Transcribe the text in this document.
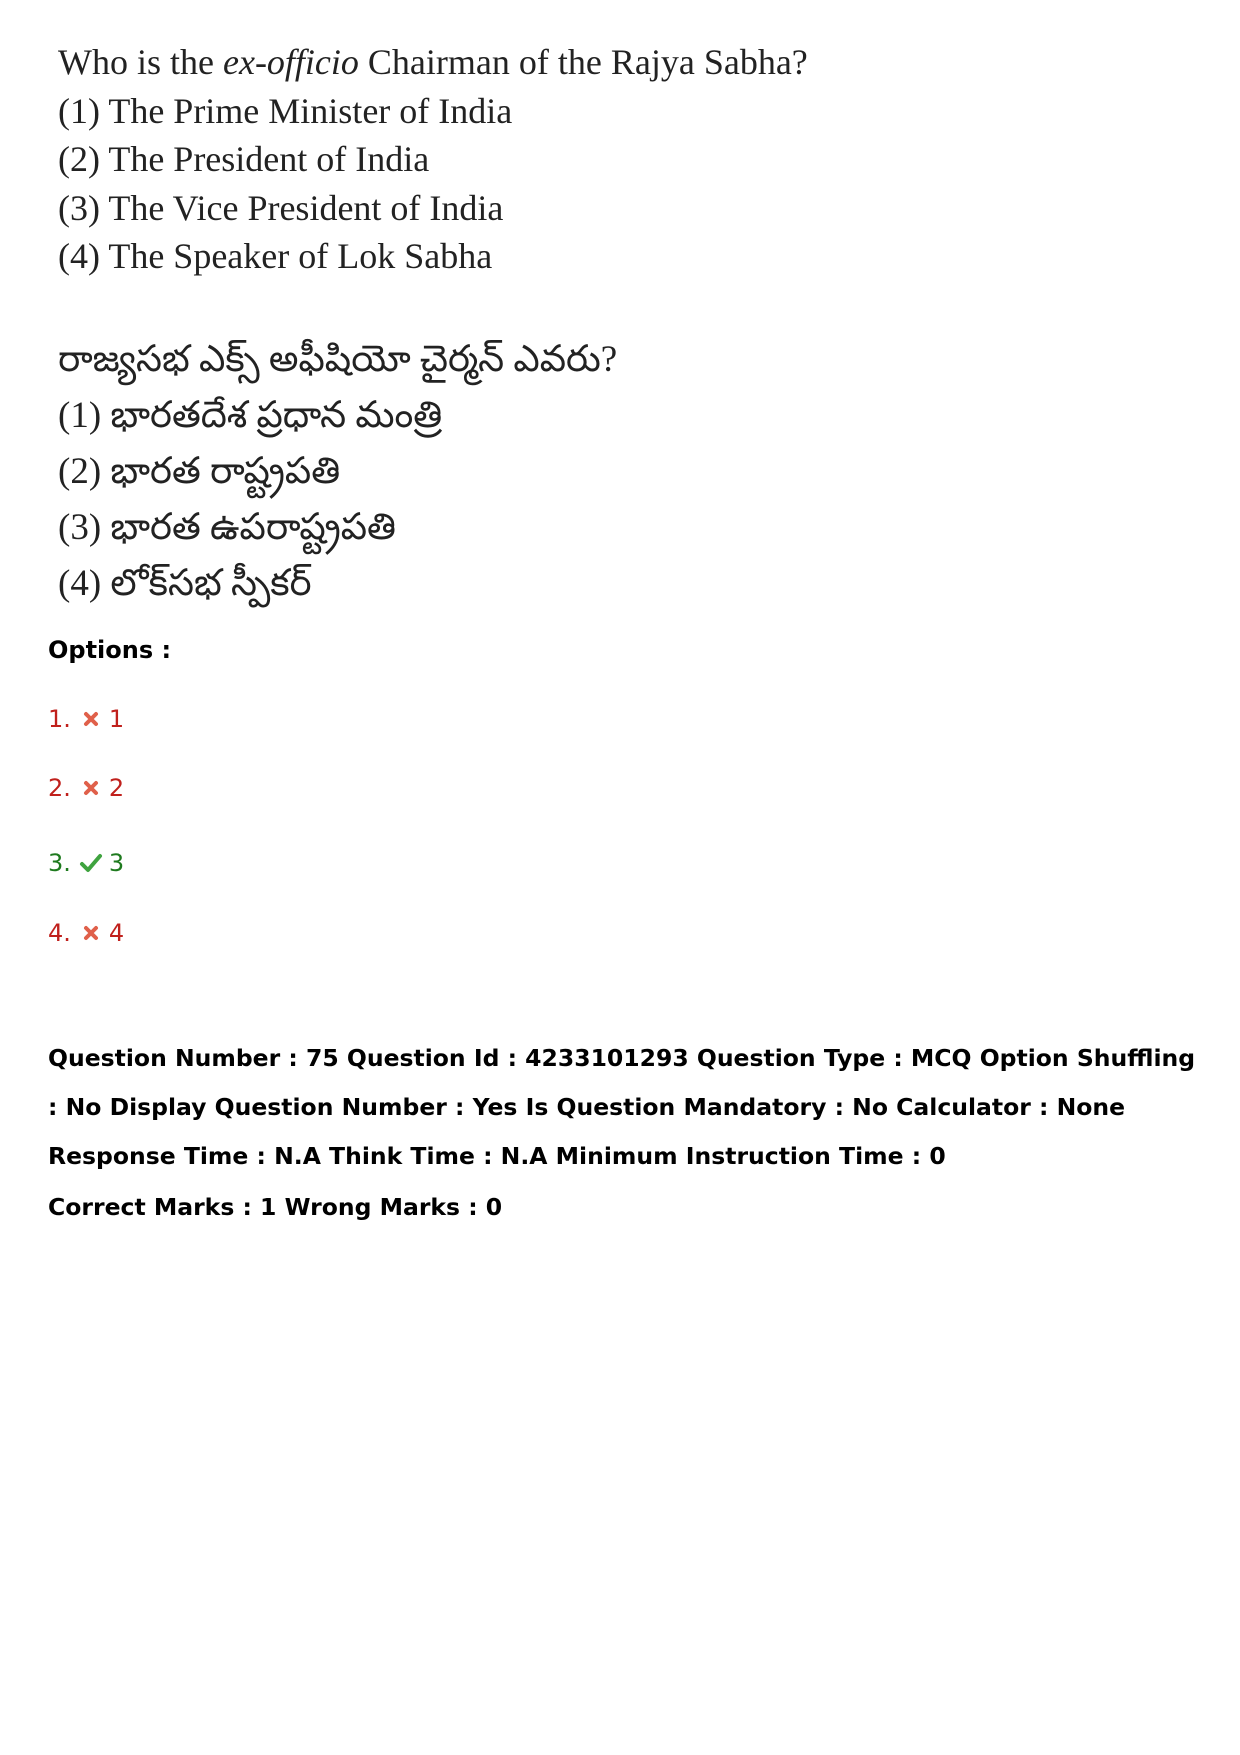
Who is the ex-officio Chairman of the Rajya Sabha?
(1) The Prime Minister of India
(2) The President of India
(3) The Vice President of India
(4) The Speaker of Lok Sabha
రాజ్యసభ ఎక్స్ అఫీషియో చైర్మన్ ఎవరు?
(1) భారతదేశ ప్రధాన మంత్రి
(2) భారత రాష్ట్రపతి
(3) భారత ఉపరాష్ట్రపతి
(4) లోక్‌సభ స్పీకర్
Options :
1. 1
2. 2
3. 3
4. 4
Question Number : 75 Question Id : 4233101293 Question Type : MCQ Option Shuffling : No Display Question Number : Yes Is Question Mandatory : No Calculator : None Response Time : N.A Think Time : N.A Minimum Instruction Time : 0
Correct Marks : 1 Wrong Marks : 0
